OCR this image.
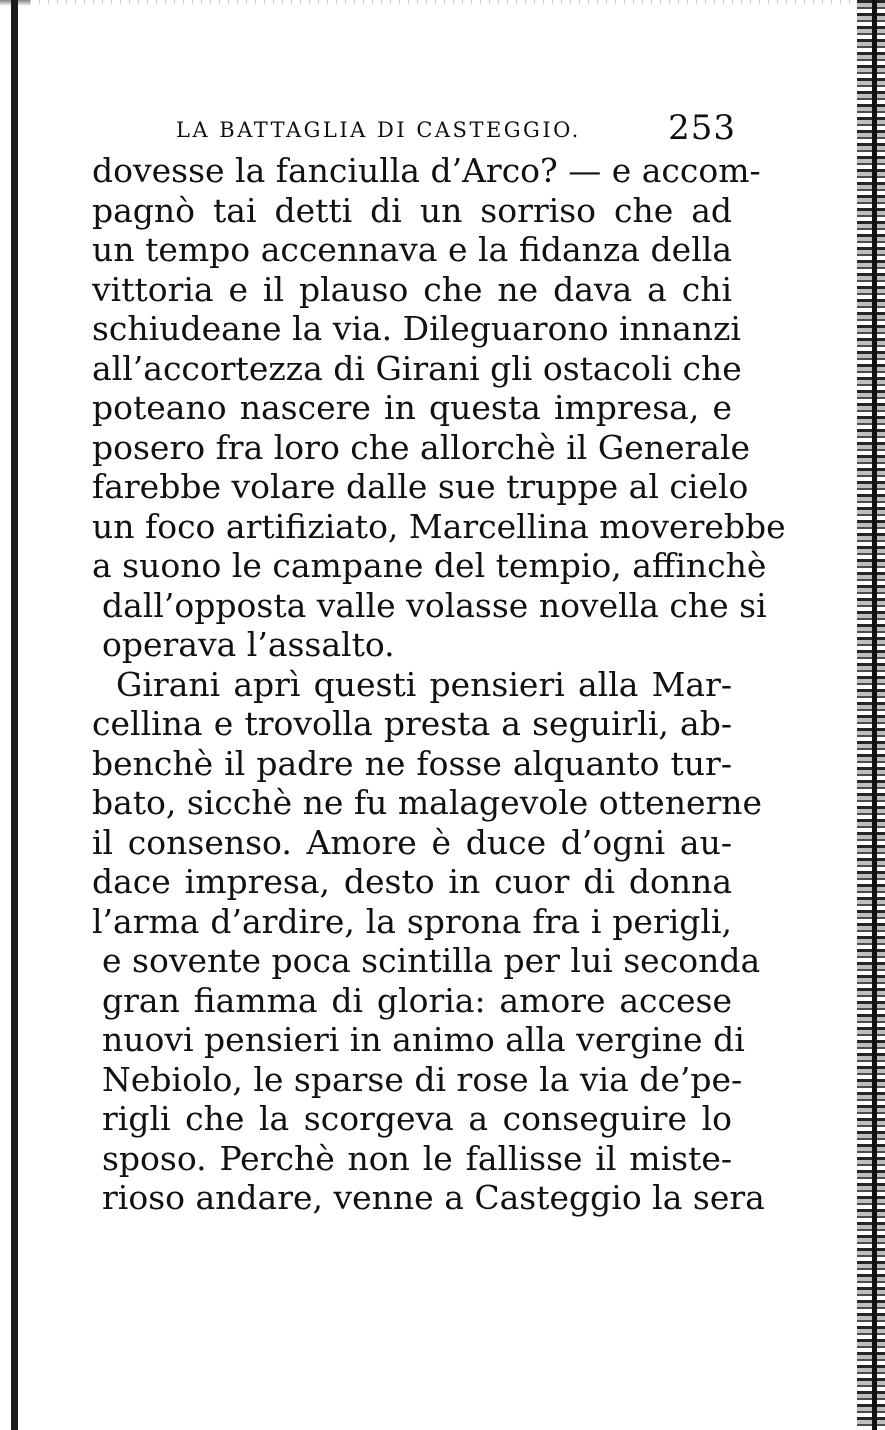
LA BATTAGLIA DI CASTEGGIO.	253
dovesse la fanciulla d’Arco? — e accom-
pagnò tai detti di un sorriso che ad
un tempo accennava e la fidanza della
vittoria e il plauso che ne dava a chi
schiudeane la via. Dileguarono innanzi
all’accortezza di Girani gli ostacoli che
poteano nascere in questa impresa, e
posero fra loro che allorchè il Generale
farebbe volare dalle sue truppe al cielo
un foco artifiziato, Marcellina moverebbe
a suono le campane del tempio, affinchè
dall’opposta valle volasse novella che si
operava l’assalto.
Girani aprì questi pensieri alla Mar-
cellina e trovolla presta a seguirli, ab-
benchè il padre ne fosse alquanto tur-
bato, sicchè ne fu malagevole ottenerne
il consenso. Amore è duce d’ogni au-
dace impresa, desto in cuor di donna
l’arma d’ardire, la sprona fra i perigli,
e sovente poca scintilla per lui seconda
gran fiamma di gloria: amore accese
nuovi pensieri in animo alla vergine di
Nebiolo, le sparse di rose la via de’pe-
rigli che la scorgeva a conseguire lo
sposo. Perchè non le fallisse il miste-
rioso andare, venne a Casteggio la sera
